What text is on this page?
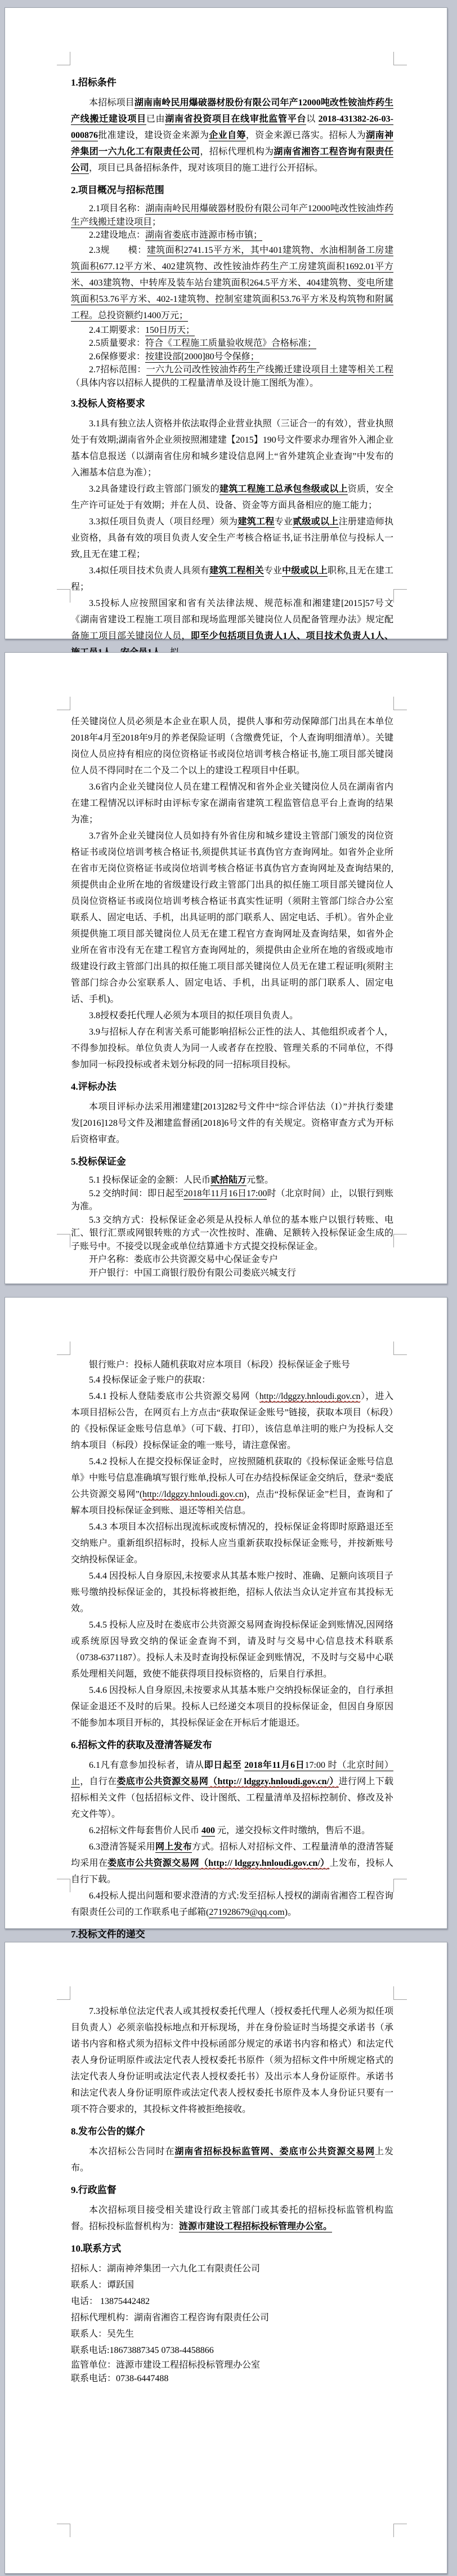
1.招标条件
本招标项目湖南南岭民用爆破器材股份有限公司年产12000吨改性铵油炸药生产线搬迁建设项目已由湖南省投资项目在线审批监管平台以 2018-431382-26-03-000876批准建设，建设资金来源为企业自筹，资金来源已落实。招标人为湖南神斧集团一六九化工有限责任公司，招标代理机构为湖南省湘咨工程咨询有限责任公司，项目已具备招标条件，现对该项目的施工进行公开招标。
2.项目概况与招标范围
2.1项目名称：湖南南岭民用爆破器材股份有限公司年产12000吨改性铵油炸药生产线搬迁建设项目；
2.2建设地点：湖南省娄底市涟源市杨市镇；
2.3规　　模：建筑面积2741.15平方米，其中401建筑物、水油相制备工房建筑面积677.12平方米、402建筑物、改性铵油炸药生产工房建筑面积1692.01平方米、403建筑物、中转库及装车站台建筑面积264.5平方米、404建筑物、变电所建筑面积53.76平方米、402-1建筑物、控制室建筑面积53.76平方米及构筑物和附属工程。总投资额约1400万元；
2.4工期要求：150日历天；
2.5质量要求：符合《工程施工质量验收规范》合格标准；
2.6保修要求：按建设部[2000]80号令保修；
2.7招标范围：一六九公司改性铵油炸药生产线搬迁建设项目土建等相关工程（具体内容以招标人提供的工程量清单及设计施工图纸为准）。
3.投标人资格要求
3.1具有独立法人资格并依法取得企业营业执照（三证合一的有效），营业执照处于有效期;湖南省外企业须按照湘建建【2015】190号文件要求办理省外入湘企业基本信息报送（以湖南省住房和城乡建设信息网上“省外建筑企业查询”中发布的入湘基本信息为准）；
3.2具备建设行政主管部门颁发的建筑工程施工总承包叁级或以上资质，安全生产许可证处于有效期；并在人员、设备、资金等方面具备相应的施工能力；
3.3拟任项目负责人（项目经理）须为建筑工程专业贰级或以上注册建造师执业资格，具备有效的项目负责人安全生产考核合格证书,证书注册单位与投标人一致,且无在建工程；
3.4拟任项目技术负责人具须有建筑工程相关专业中级或以上职称,且无在建工程；
3.5投标人应按照国家和省有关法律法规、规范标准和湘建建[2015]57号文《湖南省建设工程施工项目部和现场监理部关键岗位人员配备管理办法》规定配备施工项目部关键岗位人员，即至少包括项目负责人1人、项目技术负责人1人、
任关键岗位人员必须是本企业在职人员，提供人事和劳动保障部门出具在本单位2018年4月至2018年9月的养老保险证明（含缴费凭证，个人查询明细清单）。关键岗位人员应持有相应的岗位资格证书或岗位培训考核合格证书,施工项目部关键岗位人员不得同时在二个及二个以上的建设工程项目中任职。
3.6省内企业关键岗位人员在建工程情况和省外企业关键岗位人员在湖南省内在建工程情况以评标时由评标专家在湖南省建筑工程监管信息平台上查询的结果为准；
3.7省外企业关键岗位人员如持有外省住房和城乡建设主管部门颁发的岗位资格证书或岗位培训考核合格证书,须提供其证书真伪官方查询网址。如省外企业所在省市无岗位资格证书或岗位培训考核合格证书真伪官方查询网址及查询结果的,须提供由企业所在地的省级建设行政主管部门出具的拟任施工项目部关键岗位人员岗位资格证书或岗位培训考核合格证书真实性证明（须附主管部门综合办公室联系人、固定电话、手机，出具证明的部门联系人、固定电话、手机）。省外企业须提供施工项目部关键岗位人员无在建工程官方查询网址及查询结果，如省外企业所在省市没有无在建工程官方查询网址的，须提供由企业所在地的省级或地市级建设行政主管部门出具的拟任施工项目部关键岗位人员无在建工程证明(须附主管部门综合办公室联系人、固定电话、手机，出具证明的部门联系人、固定电话、手机)。
3.8授权委托代理人必须为本项目的拟任项目负责人。
3.9与招标人存在利害关系可能影响招标公正性的法人、其他组织或者个人，不得参加投标。单位负责人为同一人或者存在控股、管理关系的不同单位，不得参加同一标段投标或者未划分标段的同一招标项目投标。
4.评标办法
本项目评标办法采用湘建建[2013]282号文件中“综合评估法（I）”并执行娄建发[2016]128号文件及湘建监督函[2018]6号文件的有关规定。资格审查方式为开标后资格审查。
5.投标保证金
5.1 投标保证金的金额：人民币贰拾陆万元整。
5.2 交纳时间：即日起至2018年11月16日17:00时（北京时间）止，以银行到账为准。
5.3 交纳方式：投标保证金必须是从投标人单位的基本账户以银行转账、电汇、银行汇票或网银转账的方式一次性按时、准确、足额转入投标保证金生成的子账号中。不接受以现金或单位结算通卡方式提交投标保证金。
开户名称：娄底市公共资源交易中心保证金专户
开户银行：中国工商银行股份有限公司娄底兴城支行
银行账户：投标人随机获取对应本项目（标段）投标保证金子账号
5.4 投标保证金子账户的获取：
5.4.1 投标人登陆娄底市公共资源交易网（http://ldggzy.hnloudi.gov.cn），进入本项目招标公告，在网页右上方点击“获取保证金账号”链接，获取本项目（标段）的《投标保证金账号信息单》（可下载、打印），该信息单注明的账户为投标人交纳本项目（标段）投标保证金的唯一账号，请注意保密。
5.4.2 投标人在提交投标保证金时，应按照随机获取的《投标保证金账号信息单》中账号信息准确填写银行账单,投标人可在办结投标保证金交纳后，登录“娄底公共资源交易网”(http://ldggzy.hnloudi.gov.cn)，点击“投标保证金”栏目，查询和了解本项目投标保证金到账、退还等相关信息。
5.4.3 本项目本次招标出现流标或废标情况的，投标保证金将即时原路退还至交纳账户。重新组织招标时，投标人应当重新获取投标保证金账号，并按新账号交纳投标保证金。
5.4.4 因投标人自身原因,未按要求从其基本账户按时、准确、足额向该项目子账号缴纳投标保证金的，其投标将被拒绝，招标人依法当众认定并宣布其投标无效。
5.4.5 投标人应及时在娄底市公共资源交易网查询投标保证金到账情况,因网络或系统原因导致交纳的保证金查询不到，请及时与交易中心信息技术科联系（0738-6371187）。投标人未及时查询投标保证金到账情况，不及时与交易中心联系处理相关问题，致使不能获得项目投标资格的，后果自行承担。
5.4.6 因投标人自身原因,未按要求从其基本账户交纳投标保证金的，自行承担保证金退还不及时的后果。投标人已经递交本项目的投标保证金，但因自身原因不能参加本项目开标的，其投标保证金在开标后才能退还。
6.招标文件的获取及澄清答疑发布
6.1凡有意参加投标者，请从即日起至 2018年11月6日17:00 时（北京时间）止，自行在娄底市公共资源交易网（http:// ldggzy.hnloudi.gov.cn/）进行网上下载招标相关文件（包括招标文件、设计图纸、工程量清单及招标控制价、修改及补充文件等）。
6.2招标文件每套售价人民币 400 元，递交投标文件时缴纳，售后不退。
6.3澄清答疑采用网上发布方式。招标人对招标文件、工程量清单的澄清答疑均采用在娄底市公共资源交易网（http:// ldggzy.hnloudi.gov.cn/）上发布，投标人自行下载。
6.4投标人提出问题和要求澄清的方式:发至招标人授权的湖南省湘咨工程咨询有限责任公司的工作联系电子邮箱(271928679@qq.com)。
7.投标文件的递交
7.3投标单位法定代表人或其授权委托代理人（授权委托代理人必须为拟任项目负责人）必须亲临投标地点和开标现场，并在身份验证时当场提交承诺书（承诺书内容和格式须为招标文件中投标函部分规定的承诺书内容和格式）和法定代表人身份证明原件或法定代表人授权委托书原件（须为招标文件中所规定格式的法定代表人身份证明或法定代表人授权委托书）及出示本人身份证原件。承诺书和法定代表人身份证明原件或法定代表人授权委托书原件及本人身份证只要有一项不符合要求的，其投标文件将被拒绝接收。
8.发布公告的媒介
本次招标公告同时在湖南省招标投标监管网、娄底市公共资源交易网上发布。
9.行政监督
本次招标项目接受相关建设行政主管部门或其委托的招标投标监管机构监督。招标投标监督机构为：涟源市建设工程招标投标管理办公室。
10.联系方式
招标人：湖南神斧集团一六九化工有限责任公司
联系人：谭跃国
电话： 13875442482
招标代理机构：湖南省湘咨工程咨询有限责任公司
联系人：吴先生
联系电话:18673887345 0738-4458866
监管单位：涟源市建设工程招标投标管理办公室
联系电话：0738-6447488
